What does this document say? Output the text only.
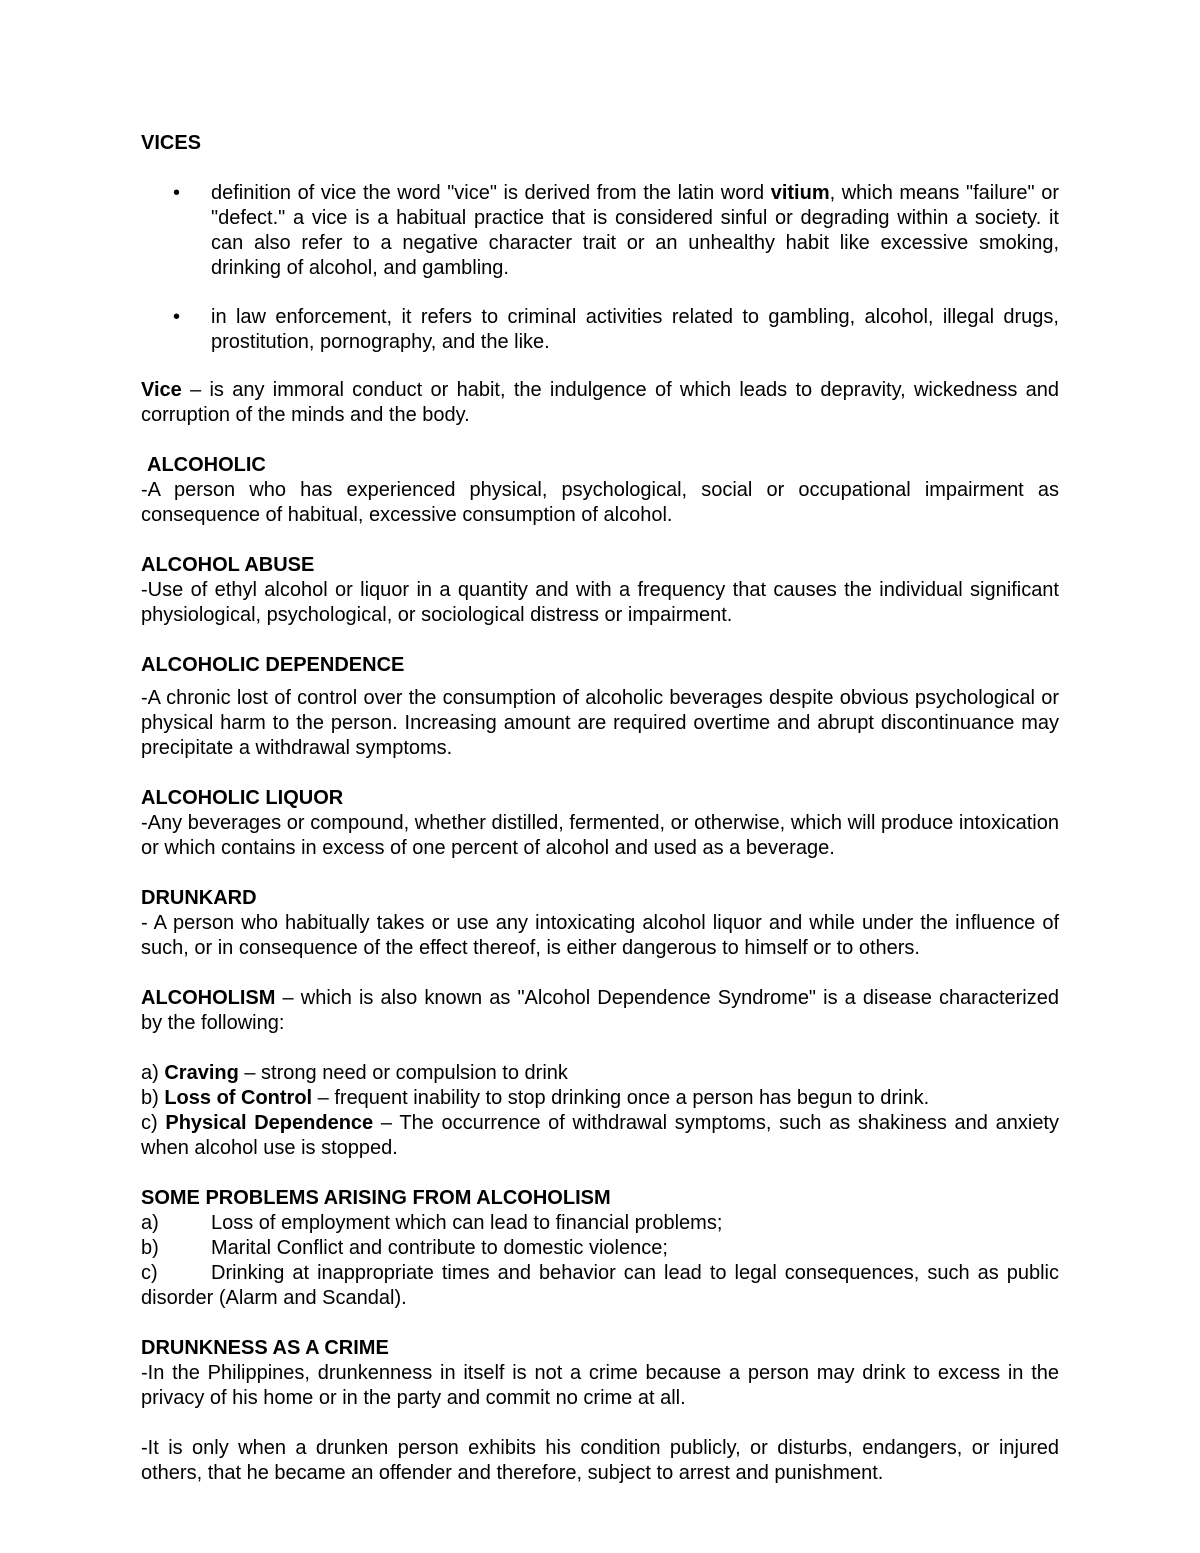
VICES
• definition of vice the word "vice" is derived from the latin word vitium, which means "failure" or "defect." a vice is a habitual practice that is considered sinful or degrading within a society. it can also refer to a negative character trait or an unhealthy habit like excessive smoking, drinking of alcohol, and gambling.
• in law enforcement, it refers to criminal activities related to gambling, alcohol, illegal drugs, prostitution, pornography, and the like.

Vice – is any immoral conduct or habit, the indulgence of which leads to depravity, wickedness and corruption of the minds and the body.

ALCOHOLIC

-A person who has experienced physical, psychological, social or occupational impairment as consequence of habitual, excessive consumption of alcohol.

ALCOHOL ABUSE

-Use of ethyl alcohol or liquor in a quantity and with a frequency that causes the individual significant physiological, psychological, or sociological distress or impairment.

ALCOHOLIC DEPENDENCE

-A chronic lost of control over the consumption of alcoholic beverages despite obvious psychological or physical harm to the person. Increasing amount are required overtime and abrupt discontinuance may precipitate a withdrawal symptoms.

ALCOHOLIC LIQUOR

-Any beverages or compound, whether distilled, fermented, or otherwise, which will produce intoxication or which contains in excess of one percent of alcohol and used as a beverage.

DRUNKARD

- A person who habitually takes or use any intoxicating alcohol liquor and while under the influence of such, or in consequence of the effect thereof, is either dangerous to himself or to others.

ALCOHOLISM – which is also known as "Alcohol Dependence Syndrome" is a disease characterized by the following:

a) Craving – strong need or compulsion to drink

b) Loss of Control – frequent inability to stop drinking once a person has begun to drink.

c) Physical Dependence – The occurrence of withdrawal symptoms, such as shakiness and anxiety when alcohol use is stopped.

SOME PROBLEMS ARISING FROM ALCOHOLISM
a)	Loss of employment which can lead to financial problems;
b)	Marital Conflict and contribute to domestic violence;

c)	Drinking at inappropriate times and behavior can lead to legal consequences, such as public disorder (Alarm and Scandal).

DRUNKNESS AS A CRIME

-In the Philippines, drunkenness in itself is not a crime because a person may drink to excess in the privacy of his home or in the party and commit no crime at all.

-It is only when a drunken person exhibits his condition publicly, or disturbs, endangers, or injured others, that he became an offender and therefore, subject to arrest and punishment.
